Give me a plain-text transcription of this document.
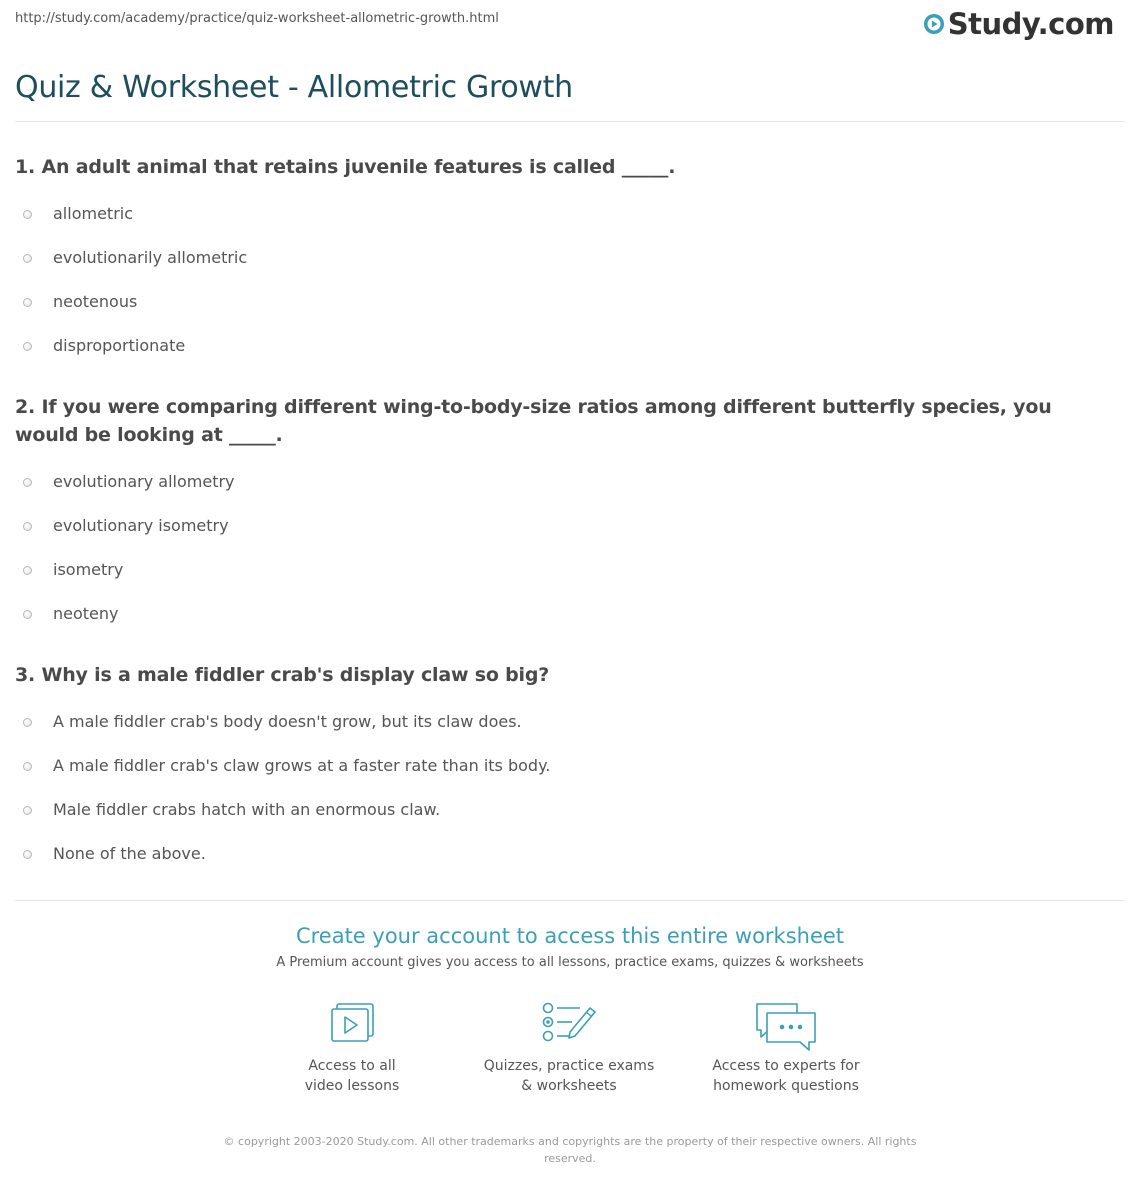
http://study.com/academy/practice/quiz-worksheet-allometric-growth.html	Study.com
Quiz & Worksheet - Allometric Growth

1. An adult animal that retains juvenile features is called _____.

allometric
evolutionarily allometric
neotenous
disproportionate

2. If you were comparing different wing-to-body-size ratios among different butterfly species, you would be looking at _____.

evolutionary allometry
evolutionary isometry
isometry
neoteny

3. Why is a male fiddler crab's display claw so big?

A male fiddler crab's body doesn't grow, but its claw does.
A male fiddler crab's claw grows at a faster rate than its body.
Male fiddler crabs hatch with an enormous claw.
None of the above.
Create your account to access this entire worksheet
A Premium account gives you access to all lessons, practice exams, quizzes & worksheets
Access to all
video lessons
Quizzes, practice exams
& worksheets
Access to experts for
homework questions
© copyright 2003-2020 Study.com. All other trademarks and copyrights are the property of their respective owners. All rights reserved.
